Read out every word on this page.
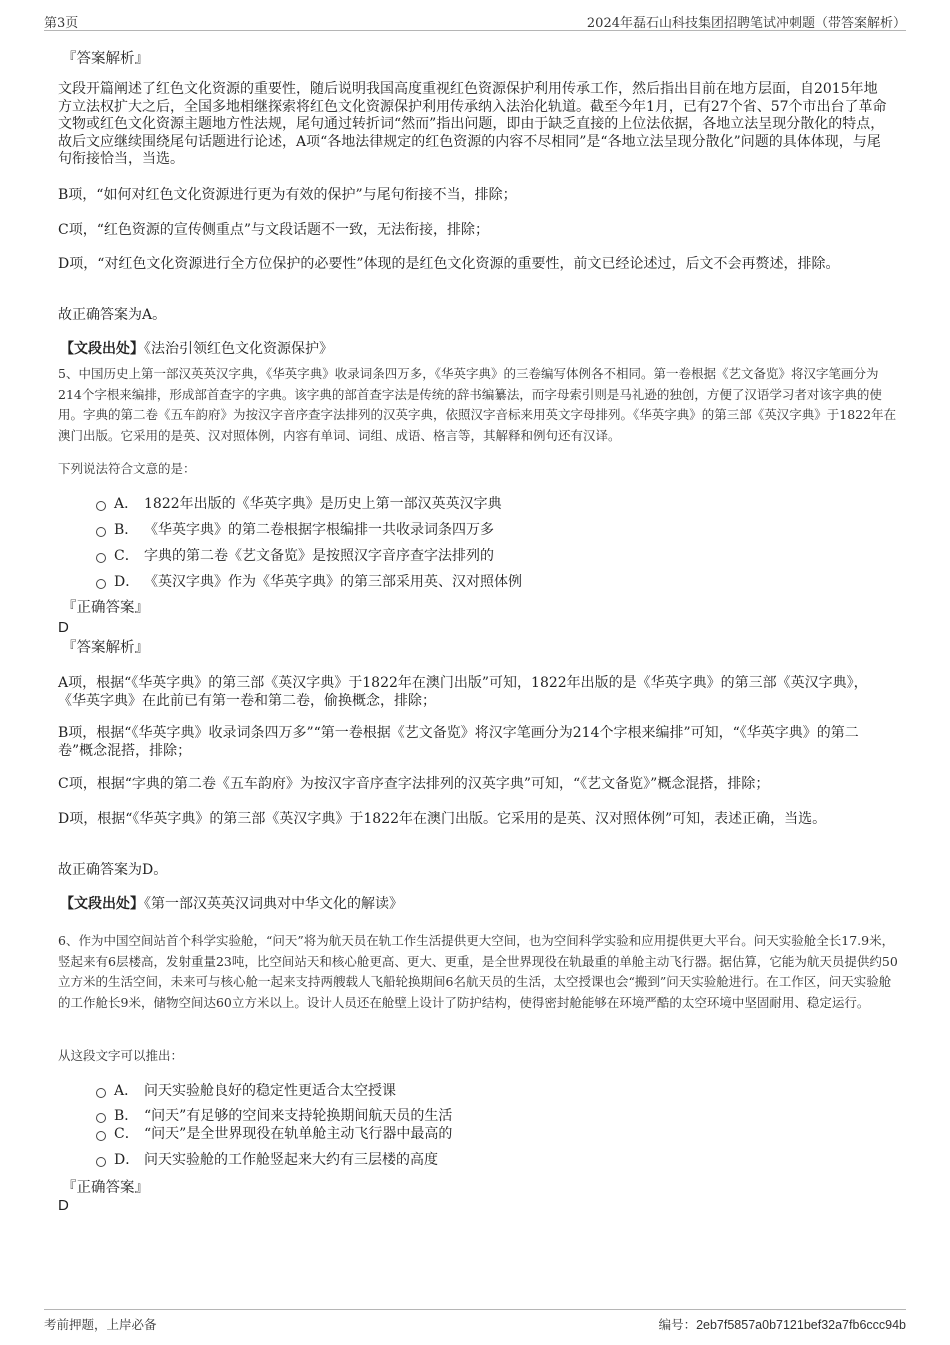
第3页	2024年磊石山科技集团招聘笔试冲刺题（带答案解析）
『答案解析』
文段开篇阐述了红色文化资源的重要性，随后说明我国高度重视红色资源保护利用传承工作，然后指出目前在地方层面，自2015年地方立法权扩大之后，全国多地相继探索将红色文化资源保护利用传承纳入法治化轨道。截至今年1月，已有27个省、57个市出台了革命文物或红色文化资源主题地方性法规，尾句通过转折词“然而”指出问题，即由于缺乏直接的上位法依据，各地立法呈现分散化的特点，故后文应继续围绕尾句话题进行论述，A项“各地法律规定的红色资源的内容不尽相同”是“各地立法呈现分散化”问题的具体体现，与尾句衔接恰当，当选。
B项，“如何对红色文化资源进行更为有效的保护”与尾句衔接不当，排除；
C项，“红色资源的宣传侧重点”与文段话题不一致，无法衔接，排除；
D项，“对红色文化资源进行全方位保护的必要性”体现的是红色文化资源的重要性，前文已经论述过，后文不会再赘述，排除。
故正确答案为A。
【文段出处】《法治引领红色文化资源保护》
5、中国历史上第一部汉英英汉字典，《华英字典》收录词条四万多，《华英字典》的三卷编写体例各不相同。第一卷根据《艺文备览》将汉字笔画分为214个字根来编排，形成部首查字的字典。该字典的部首查字法是传统的辞书编纂法，而字母索引则是马礼逊的独创，方便了汉语学习者对该字典的使用。字典的第二卷《五车韵府》为按汉字音序查字法排列的汉英字典，依照汉字音标来用英文字母排列。《华英字典》的第三部《英汉字典》于1822年在澳门出版。它采用的是英、汉对照体例，内容有单词、词组、成语、格言等，其解释和例句还有汉译。
下列说法符合文意的是：
A． 1822年出版的《华英字典》是历史上第一部汉英英汉字典
B． 《华英字典》的第二卷根据字根编排一共收录词条四万多
C． 字典的第二卷《艺文备览》是按照汉字音序查字法排列的
D． 《英汉字典》作为《华英字典》的第三部采用英、汉对照体例
『正确答案』
D
『答案解析』
A项，根据“《华英字典》的第三部《英汉字典》于1822年在澳门出版”可知，1822年出版的是《华英字典》的第三部《英汉字典》，《华英字典》在此前已有第一卷和第二卷，偷换概念，排除；
B项，根据“《华英字典》收录词条四万多”“第一卷根据《艺文备览》将汉字笔画分为214个字根来编排”可知，“《华英字典》的第二卷”概念混搭，排除；
C项，根据“字典的第二卷《五车韵府》为按汉字音序查字法排列的汉英字典”可知，“《艺文备览》”概念混搭，排除；
D项，根据“《华英字典》的第三部《英汉字典》于1822年在澳门出版。它采用的是英、汉对照体例”可知，表述正确，当选。
故正确答案为D。
【文段出处】《第一部汉英英汉词典对中华文化的解读》
6、作为中国空间站首个科学实验舱，“问天”将为航天员在轨工作生活提供更大空间，也为空间科学实验和应用提供更大平台。问天实验舱全长17.9米，竖起来有6层楼高，发射重量23吨，比空间站天和核心舱更高、更大、更重，是全世界现役在轨最重的单舱主动飞行器。据估算，它能为航天员提供约50立方米的生活空间，未来可与核心舱一起来支持两艘载人飞船轮换期间6名航天员的生活，太空授课也会“搬到”问天实验舱进行。在工作区，问天实验舱的工作舱长9米，储物空间达60立方米以上。设计人员还在舱壁上设计了防护结构，使得密封舱能够在环境严酷的太空环境中坚固耐用、稳定运行。
从这段文字可以推出：
A． 问天实验舱良好的稳定性更适合太空授课
B． “问天”有足够的空间来支持轮换期间航天员的生活
C． “问天”是全世界现役在轨单舱主动飞行器中最高的
D． 问天实验舱的工作舱竖起来大约有三层楼的高度
『正确答案』
D
考前押题，上岸必备	编号：2eb7f5857a0b7121bef32a7fb6ccc94b
